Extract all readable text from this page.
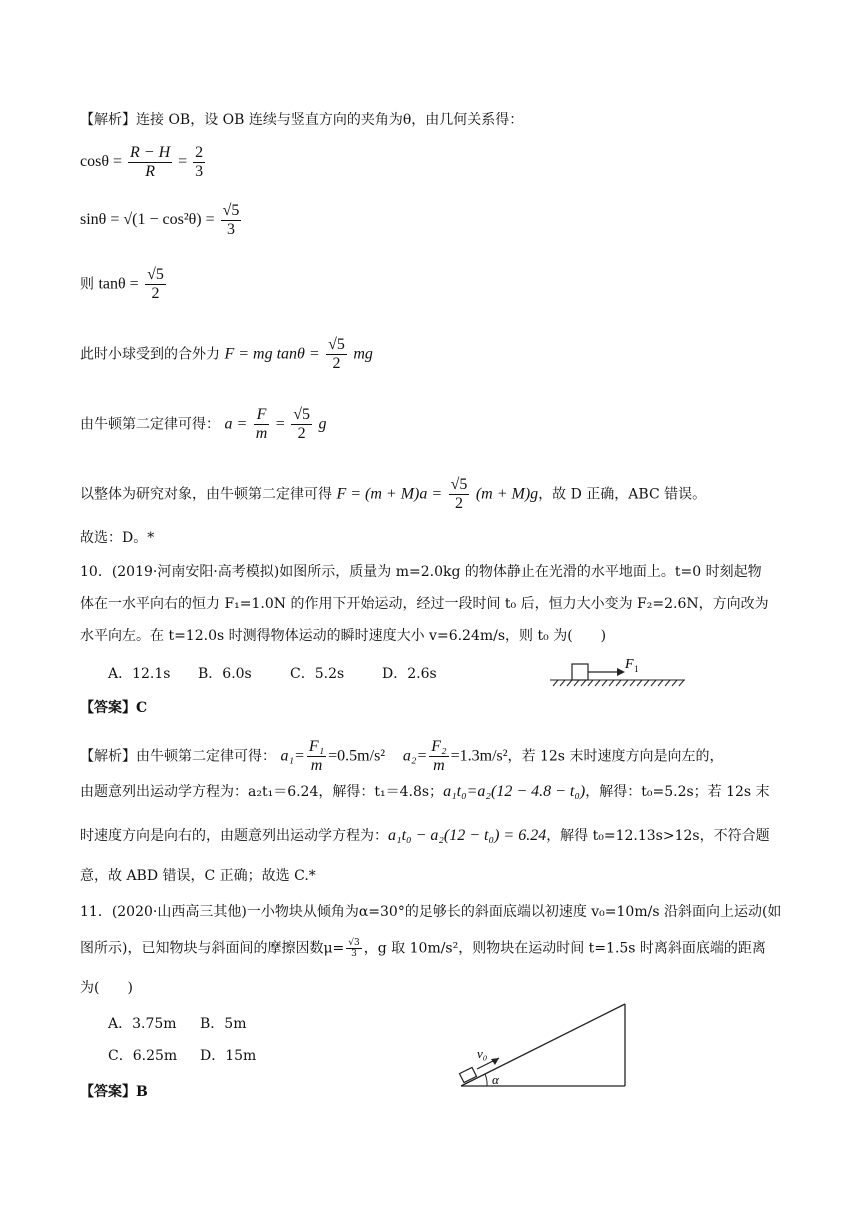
【解析】连接 OB，设 OB 连续与竖直方向的夹角为θ，由几何关系得：
$\cos\theta = \frac{R - H}{R} = \frac{2}{3}$
$\sin\theta = √(1 - \cos^2\theta) = \frac{√5}{3}$
则 $\tan\theta = \frac{√5}{2}$
此时小球受到的合外力 F = mg $\tan\theta = \frac{√5}{2}$ mg
由牛顿第二定律可得： $a = \frac{F}{m} = \frac{√5}{2}$ g
以整体为研究对象，由牛顿第二定律可得 $F = (m + M)a = \frac{√5}{2} (m + M)g$，故 D 正确，ABC 错误。
故选：D。*
10．(2019·河南安阳·高考模拟)如图所示，质量为 m=2.0kg 的物体静止在光滑的水平地面上。t=0 时刻起物
体在一水平向右的恒力 F₁=1.0N 的作用下开始运动，经过一段时间 t₀ 后，恒力大小变为 F₂=2.6N，方向改为
水平向左。在 t=12.0s 时测得物体运动的瞬时速度大小 v=6.24m/s，则 t₀ 为(　　)
A．12.1s B．6.0s	C．5.2s	D．2.6s
F 1
【答案】C
【解析】由牛顿第二定律可得： $a_1= \frac{\text{F₁}}{m} =0.5m/s^2$ $a_2= \frac{\text{F₂}}{m} =1.3m/s^2$，若 12s 末时速度方向是向左的，
由题意列出运动学方程为：a₂t₁＝6.24，解得：t₁＝4.8s；a₁t₀=a₂(12 − 4.8 − t₀)，解得：t₀=5.2s；若 12s 末
时速度方向是向右的，由题意列出运动学方程为：a₁t₀ − a₂(12 − t₀) = 6.24，解得 t₀=12.13s>12s，不符合题
意，故 ABD 错误，C 正确；故选 C.*
11．(2020·山西高三其他)一小物块从倾角为α=30°的足够长的斜面底端以初速度 v₀=10m/s 沿斜面向上运动(如
图所示)，已知物块与斜面间的摩擦因数$\mu= \frac{√3}{3}$ ，g 取 10m/s²，则物块在运动时间 t=1.5s 时离斜面底端的距离
为(　　)
A．3.75m B．5m
C．6.25m D．15m	v₀
α
【答案】B
